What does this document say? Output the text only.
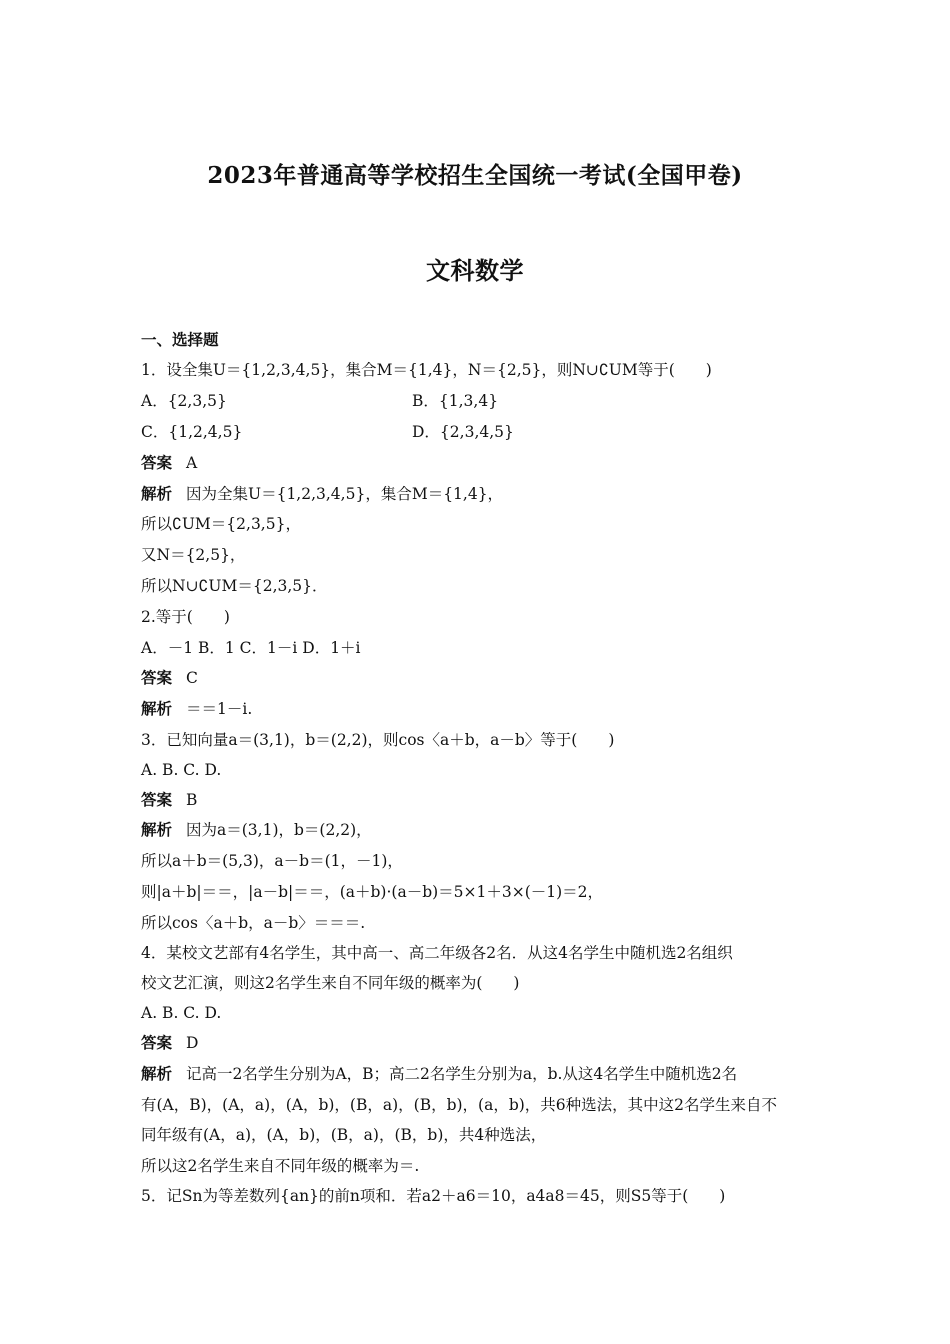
2023年普通高等学校招生全国统一考试(全国甲卷)
文科数学
一、选择题
1．设全集U＝{1,2,3,4,5}，集合M＝{1,4}，N＝{2,5}，则N∪∁UM等于(　　)
A．{2,3,5}	B．{1,3,4}
C．{1,2,4,5}	D．{2,3,4,5}
答案 A
解析 因为全集U＝{1,2,3,4,5}，集合M＝{1,4}，
所以∁UM＝{2,3,5}，
又N＝{2,5}，
所以N∪∁UM＝{2,3,5}．
2.等于(　　)
A．－1 B．1 C．1－i D．1＋i
答案 C
解析 ＝＝1－i.
3．已知向量a＝(3,1)，b＝(2,2)，则cos〈a＋b，a－b〉等于(　　)
A. B. C. D.
答案 B
解析 因为a＝(3,1)，b＝(2,2)，
所以a＋b＝(5,3)，a－b＝(1，－1)，
则|a＋b|＝＝，|a－b|＝＝，(a＋b)·(a－b)＝5×1＋3×(－1)＝2，
所以cos〈a＋b，a－b〉＝＝＝.
4．某校文艺部有4名学生，其中高一、高二年级各2名．从这4名学生中随机选2名组织
校文艺汇演，则这2名学生来自不同年级的概率为(　　)
A. B. C. D.
答案 D
解析 记高一2名学生分别为A，B；高二2名学生分别为a，b.从这4名学生中随机选2名
有(A，B)，(A，a)，(A，b)，(B，a)，(B，b)，(a，b)，共6种选法，其中这2名学生来自不
同年级有(A，a)，(A，b)，(B，a)，(B，b)，共4种选法，
所以这2名学生来自不同年级的概率为＝.
5．记Sn为等差数列{an}的前n项和．若a2＋a6＝10，a4a8＝45，则S5等于(　　)
